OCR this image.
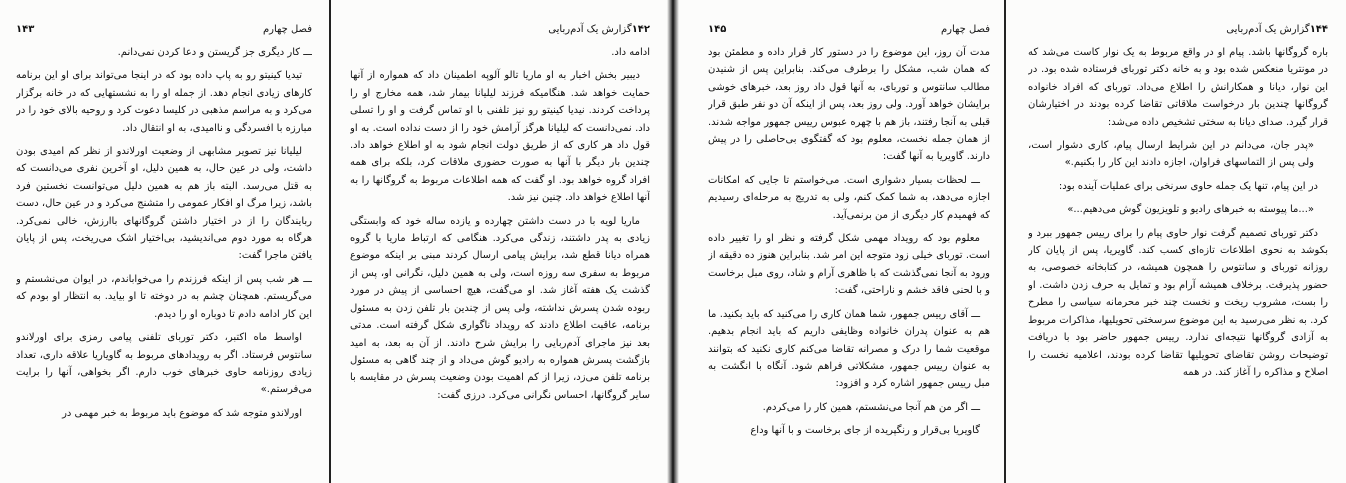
۱۴۳	فصل چهارم

ـــ کار دیگری جز گریستن و دعا کردن نمی‌دانم.

تیدیا کینیتو رو به پاپ داده بود که در اینجا می‌تواند برای او این برنامه کارهای زیادی انجام دهد. از جمله او را به نشستهایی که در خانه برگزار می‌کرد و به مراسم مذهبی در کلیسا دعوت کرد و روحیه بالای خود را در مبارزه با افسردگی و ناامیدی، به او انتقال داد.

لیلیانا نیز تصویر مشابهی از وضعیت اورلاندو از نظر کم امیدی بودن داشت، ولی در عین حال، به همین دلیل، او آخرین نفری می‌دانست که به قتل می‌رسد. البته باز هم به همین دلیل می‌توانست نخستین فرد باشد، زیرا مرگ او افکار عمومی را متشنج می‌کرد و در عین حال، دست ربایندگان را از در اختیار داشتن گروگانهای باارزش، خالی نمی‌کرد. هرگاه به مورد دوم می‌اندیشید، بی‌اختیار اشک می‌ریخت، پس از پایان یافتن ماجرا گفت:

ـــ هر شب پس از اینکه فرزندم را می‌خواباندم، در ایوان می‌نشستم و می‌گریستم. همچنان چشم به در دوخته تا او بیاید. به انتظار او بودم که این کار ادامه دادم تا دوباره او را دیدم.

اواسط ماه اکتبر، دکتر توربای تلفنی پیامی رمزی برای اورلاندو سانتوس فرستاد. اگر به رویدادهای مربوط به گاویاریا علاقه داری، تعداد زیادی روزنامه حاوی خبرهای خوب دارم. اگر بخواهی، آنها را برایت می‌فرستم.»

اورلاندو متوجه شد که موضوع باید مربوط به خبر مهمی در

۱۴۲
گزارش یک آدم‌ربایی

ادامه داد.

دیبیر بخش اخبار به او ماریا تالو آلوپه اطمینان داد که همواره از آنها حمایت خواهد شد. هنگامیکه فرزند لیلیانا بیمار شد، همه مخارج او را پرداخت کردند. نیدیا کینیتو رو نیز تلفنی با او تماس گرفت و او را تسلی داد. نمی‌دانست که لیلیانا هرگز آرامش خود را از دست نداده است. به او قول داد هر کاری که از طریق دولت انجام شود به او اطلاع خواهد داد. چندین بار دیگر با آنها به صورت حضوری ملاقات کرد، بلکه برای همه افراد گروه خواهد بود. او گفت که همه اطلاعات مربوط به گروگانها را به آنها اطلاع خواهد داد. چنین نیز شد.

ماریا لویه با در دست داشتن چهارده و یازده ساله خود که وابستگی زیادی به پدر داشتند، زندگی می‌کرد. هنگامی که ارتباط ماریا با گروه همراه دیانا قطع شد، برایش پیامی ارسال کردند مبنی بر اینکه موضوع مربوط به سفری سه روزه است، ولی به همین دلیل، نگرانی او، پس از گذشت یک هفته آغاز شد. او می‌گفت، هیچ احساسی از پیش در مورد ربوده شدن پسرش نداشته، ولی پس از چندین بار تلفن زدن به مسئول برنامه، عاقبت اطلاع دادند که رویداد ناگواری شکل گرفته است. مدتی بعد نیز ماجرای آدم‌ربایی را برایش شرح دادند. از آن به بعد، به امید بازگشت پسرش همواره به رادیو گوش می‌داد و از چند گاهی به مسئول برنامه تلفن می‌زد، زیرا از کم اهمیت بودن وضعیت پسرش در مقایسه با سایر گروگانها، احساس نگرانی می‌کرد. درزی گفت:

۱۴۵	فصل چهارم

مدت آن روز، این موضوع را در دستور کار قرار داده و مطمئن بود که همان شب، مشکل را برطرف می‌کند. بنابراین پس از شنیدن مطالب سانتوس و توربای، به آنها قول داد روز بعد، خبرهای خوشی برایشان خواهد آورد. ولی روز بعد، پس از اینکه آن دو نفر طبق قرار قبلی به آنجا رفتند، باز هم با چهره عبوس رییس جمهور مواجه شدند. از همان جمله نخست، معلوم بود که گفتگوی بی‌حاصلی را در پیش دارند. گاویریا به آنها گفت:

ـــ لحظات بسیار دشواری است. می‌خواستم تا جایی که امکانات اجازه می‌دهد، به شما کمک کنم، ولی به تدریج به مرحله‌ای رسیدیم که فهمیدم کار دیگری از من برنمی‌آید.

معلوم بود که رویداد مهمی شکل گرفته و نظر او را تغییر داده است. توربای خیلی زود متوجه این امر شد. بنابراین هنوز ده دقیقه از ورود به آنجا نمی‌گذشت که با ظاهری آرام و شاد، روی مبل برخاست و با لحنی فاقد خشم و ناراحتی، گفت:

ـــ آقای رییس جمهور، شما همان کاری را می‌کنید که باید بکنید. ما هم به عنوان پدران خانواده وظایفی داریم که باید انجام بدهیم. موقعیت شما را درک و مصرانه تقاضا می‌کنم کاری نکنید که بتوانند به عنوان رییس جمهور، مشکلاتی فراهم شود. آنگاه با انگشت به مبل رییس جمهور اشاره کرد و افزود:

ـــ اگر من هم آنجا می‌نشستم، همین کار را می‌کردم.

گاویریا بی‌قرار و رنگپریده از جای برخاست و با آنها وداع

۱۴۴
گزارش یک آدم‌ربایی

باره گروگانها باشد. پیام او در واقع مربوط به یک نوار کاست می‌شد که در مونتریا منعکس شده بود و به خانه دکتر توربای فرستاده شده بود. در این نوار، دیانا و همکارانش را اطلاع می‌داد. توربای که افراد خانواده گروگانها چندین بار درخواست ملاقاتی تقاضا کرده بودند در اختیارشان قرار گیرد. صدای دیانا به سختی تشخیص داده می‌شد:

«پدر جان، می‌دانم در این شرایط ارسال پیام، کاری دشوار است، ولی پس از التماسهای فراوان، اجازه دادند این کار را بکنیم.»

در این پیام، تنها یک جمله حاوی سرنخی برای عملیات آینده بود:

«...ما پیوسته به خبرهای رادیو و تلویزیون گوش می‌دهیم...»

دکتر توربای تصمیم گرفت نوار حاوی پیام را برای رییس جمهور ببرد و بکوشد به نحوی اطلاعات تازه‌ای کسب کند. گاویریا، پس از پایان کار روزانه توربای و سانتوس را همچون همیشه، در کتابخانه خصوصی، به حضور پذیرفت. برخلاف همیشه آرام بود و تمایل به حرف زدن داشت. او را بست، مشروب ریخت و نخست چند خبر محرمانه سیاسی را مطرح کرد. به نظر می‌رسید به این موضوع سرسختی تحویلیها، مذاکرات مربوط به آزادی گروگانها نتیجه‌ای ندارد. رییس جمهور حاضر بود با دریافت توضیحات روشن تقاضای تحویلیها تقاضا کرده بودند، اعلامیه نخست را اصلاح و مذاکره را آغاز کند. در همه
